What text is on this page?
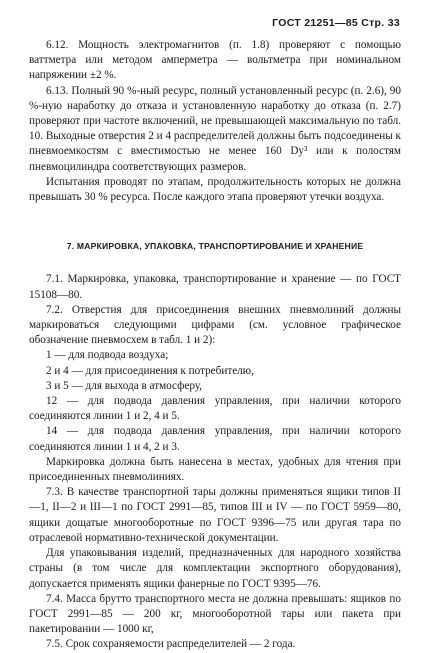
ГОСТ 21251—85 Стр. 33

6.12. Мощность электромагнитов (п. 1.8) проверяют с помощью ваттметра или методом амперметра — вольтметра при номинальном напряжении ±2 %.

6.13. Полный 90 %-ный ресурс, полный установленный ресурс (п. 2.6), 90 %-ную наработку до отказа и установленную наработку до отказа (п. 2.7) проверяют при частоте включений, не превышающей максимальную по табл. 10. Выходные отверстия 2 и 4 распределителей должны быть подсоединены к пневмоемкостям с вместимостью не менее 160 Dу³ или к полостям пневмоцилиндра соответствующих размеров.

Испытания проводят по этапам, продолжительность которых не должна превышать 30 % ресурса. После каждого этапа проверяют утечки воздуха.

7. МАРКИРОВКА, УПАКОВКА, ТРАНСПОРТИРОВАНИЕ И ХРАНЕНИЕ

7.1. Маркировка, упаковка, транспортирование и хранение — по ГОСТ 15108—80.

7.2. Отверстия для присоединения внешних пневмолиний должны маркироваться следующими цифрами (см. условное графическое обозначение пневмосхем в табл. 1 и 2):

1 — для подвода воздуха;

2 и 4 — для присоединения к потребителю,

3 и 5 — для выхода в атмосферу,

12 — для подвода давления управления, при наличии которого соединяются линии 1 и 2, 4 и 5.

14 — для подвода давления управления, при наличии которого соединяются линии 1 и 4, 2 и 3.

Маркировка должна быть нанесена в местах, удобных для чтения при присоединенных пневмолиниях.

7.3. В качестве транспортной тары должны применяться ящики типов II—1, II—2 и III—1 по ГОСТ 2991—85, типов III и IV — по ГОСТ 5959—80, ящики дощатые многооборотные по ГОСТ 9396—75 или другая тара по отраслевой нормативно-технической документации.

Для упаковывания изделий, предназначенных для народного хозяйства страны (в том числе для комплектации экспортного оборудования), допускается применять ящики фанерные по ГОСТ 9395—76.

7.4. Масса брутто транспортного места не должна превышать: ящиков по ГОСТ 2991—85 — 200 кг, многооборотной тары или пакета при пакетировании — 1000 кг,

7.5. Срок сохраняемости распределителей — 2 года.
